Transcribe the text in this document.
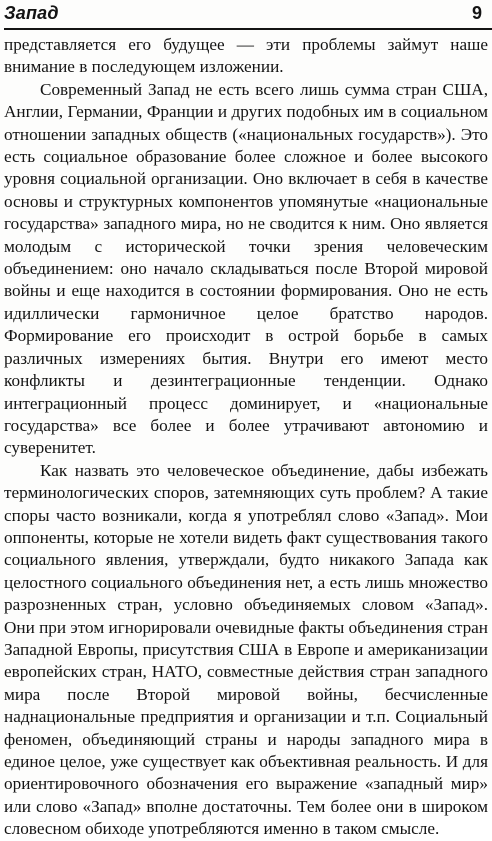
Запад	9

представляется его будущее — эти проблемы займут наше внимание в последующем изложении.

Современный Запад не есть всего лишь сумма стран США, Англии, Германии, Франции и других подобных им в социальном отношении западных обществ («национальных государств»). Это есть социальное образование более сложное и более высокого уровня социальной организации. Оно включает в себя в качестве основы и структурных компонентов упомянутые «национальные государства» западного мира, но не сводится к ним. Оно является молодым с исторической точки зрения человеческим объединением: оно начало складываться после Второй мировой войны и еще находится в состоянии формирования. Оно не есть идиллически гармоничное целое братство народов. Формирование его происходит в острой борьбе в самых различных измерениях бытия. Внутри его имеют место конфликты и дезинтеграционные тенденции. Однако интеграционный процесс доминирует, и «национальные государства» все более и более утрачивают автономию и суверенитет.

Как назвать это человеческое объединение, дабы избежать терминологических споров, затемняющих суть проблем? А такие споры часто возникали, когда я употреблял слово «Запад». Мои оппоненты, которые не хотели видеть факт существования такого социального явления, утверждали, будто никакого Запада как целостного социального объединения нет, а есть лишь множество разрозненных стран, условно объединяемых словом «Запад». Они при этом игнорировали очевидные факты объединения стран Западной Европы, присутствия США в Европе и американизации европейских стран, НАТО, совместные действия стран западного мира после Второй мировой войны, бесчисленные наднациональные предприятия и организации и т.п. Социальный феномен, объединяющий страны и народы западного мира в единое целое, уже существует как объективная реальность. И для ориентировочного обозначения его выражение «западный мир» или слово «Запад» вполне достаточны. Тем более они в широком словесном обиходе употребляются именно в таком смысле.
